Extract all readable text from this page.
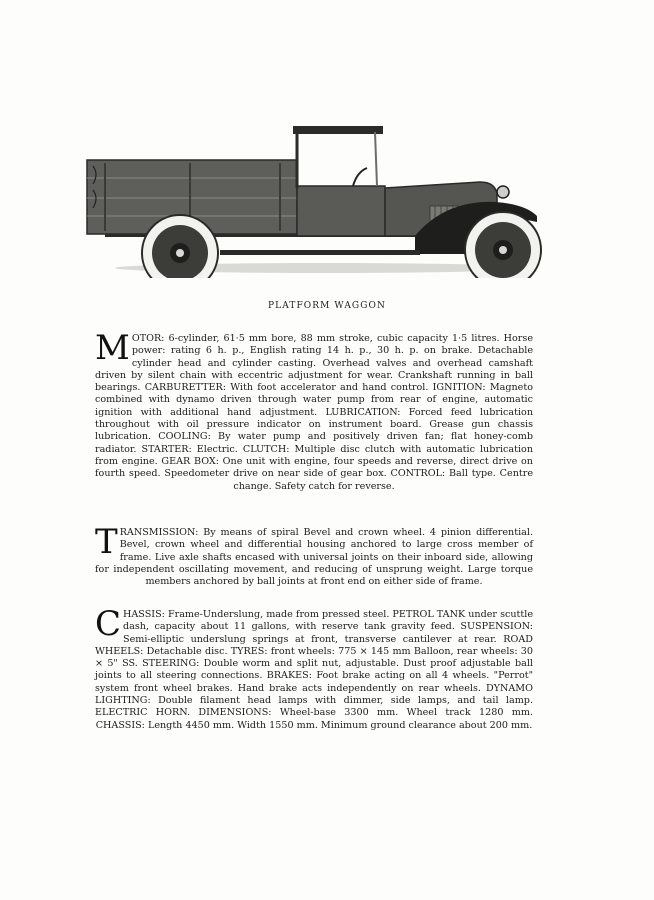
PLATFORM WAGGON
M OTOR: 6-cylinder, 61·5 mm bore, 88 mm stroke, cubic capacity 1·5 litres. Horse power: rating 6 h. p., English rating 14 h. p., 30 h. p. on brake. Detachable cylinder head and cylinder casting. Overhead valves and overhead camshaft driven by silent chain with eccentric adjustment for wear. Crankshaft running in ball bearings. CARBURETTER: With foot accelerator and hand control. IGNITION: Magneto combined with dynamo driven through water pump from rear of engine, automatic ignition with additional hand adjustment. LUBRICATION: Forced feed lubrication throughout with oil pressure indicator on instrument board. Grease gun chassis lubrication. COOLING: By water pump and positively driven fan; flat honey-comb radiator. STARTER: Electric. CLUTCH: Multiple disc clutch with automatic lubrication from engine. GEAR BOX: One unit with engine, four speeds and reverse, direct drive on fourth speed. Speedometer drive on near side of gear box. CONTROL: Ball type. Centre change. Safety catch for reverse.

T RANSMISSION: By means of spiral Bevel and crown wheel. 4 pinion differential. Bevel, crown wheel and differential housing anchored to large cross member of frame. Live axle shafts encased with universal joints on their inboard side, allowing for independent oscillating movement, and reducing of unsprung weight. Large torque members anchored by ball joints at front end on either side of frame.

C HASSIS: Frame-Underslung, made from pressed steel. PETROL TANK under scuttle dash, capacity about 11 gallons, with reserve tank gravity feed. SUSPENSION: Semi-elliptic underslung springs at front, transverse cantilever at rear. ROAD WHEELS: Detachable disc. TYRES: front wheels: 775 × 145 mm Balloon, rear wheels: 30 × 5" SS. STEERING: Double worm and split nut, adjustable. Dust proof adjustable ball joints to all steering connections. BRAKES: Foot brake acting on all 4 wheels. "Perrot" system front wheel brakes. Hand brake acts independently on rear wheels. DYNAMO LIGHTING: Double filament head lamps with dimmer, side lamps, and tail lamp. ELECTRIC HORN. DIMENSIONS: Wheel-base 3300 mm. Wheel track 1280 mm. CHASSIS: Length 4450 mm. Width 1550 mm. Minimum ground clearance about 200 mm.
